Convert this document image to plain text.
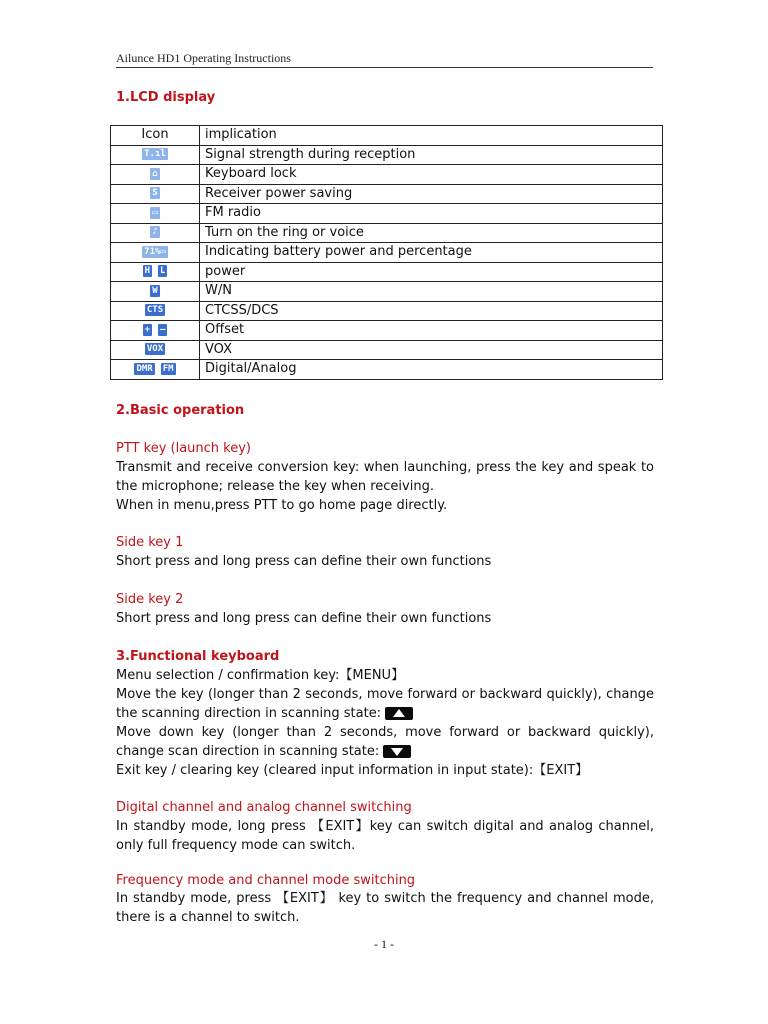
Ailunce HD1 Operating Instructions
1.LCD display
Icon	implication
T.ıl	Signal strength during reception
⌂	Keyboard lock
S	Receiver power saving
▭	FM radio
♪	Turn on the ring or voice
71%▭	Indicating battery power and percentage
H L	power
W	W/N
CTS	CTCSS/DCS
+ —	Offset
VOX	VOX
DMR FM	Digital/Analog
2.Basic operation
PTT key (launch key)

Transmit and receive conversion key: when launching, press the key and speak to the microphone; release the key when receiving.

When in menu,press PTT to go home page directly.

Side key 1
Short press and long press can define their own functions
Side key 2
Short press and long press can define their own functions
3.Functional keyboard

Menu selection / confirmation key:【MENU】

Move the key (longer than 2 seconds, move forward or backward quickly), change the scanning direction in scanning state:

Move down key (longer than 2 seconds, move forward or backward quickly), change scan direction in scanning state:

Exit key / clearing key (cleared input information in input state):【EXIT】

Digital channel and analog channel switching

In standby mode, long press 【EXIT】key can switch digital and analog channel, only full frequency mode can switch.

Frequency mode and channel mode switching

In standby mode, press 【EXIT】 key to switch the frequency and channel mode, there is a channel to switch.

- 1 -
